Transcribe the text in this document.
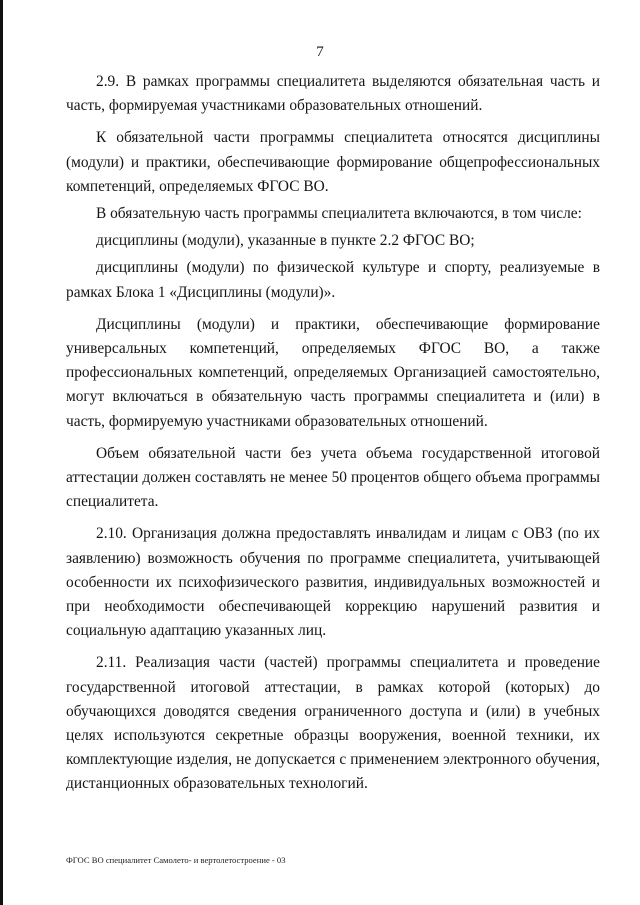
7

2.9. В рамках программы специалитета выделяются обязательная часть и часть, формируемая участниками образовательных отношений.

К обязательной части программы специалитета относятся дисциплины (модули) и практики, обеспечивающие формирование общепрофессиональных компетенций, определяемых ФГОС ВО.

В обязательную часть программы специалитета включаются, в том числе:

дисциплины (модули), указанные в пункте 2.2 ФГОС ВО;

дисциплины (модули) по физической культуре и спорту, реализуемые в рамках Блока 1 «Дисциплины (модули)».

Дисциплины (модули) и практики, обеспечивающие формирование универсальных компетенций, определяемых ФГОС ВО, а также профессиональных компетенций, определяемых Организацией самостоятельно, могут включаться в обязательную часть программы специалитета и (или) в часть, формируемую участниками образовательных отношений.

Объем обязательной части без учета объема государственной итоговой аттестации должен составлять не менее 50 процентов общего объема программы специалитета.

2.10. Организация должна предоставлять инвалидам и лицам с ОВЗ (по их заявлению) возможность обучения по программе специалитета, учитывающей особенности их психофизического развития, индивидуальных возможностей и при необходимости обеспечивающей коррекцию нарушений развития и социальную адаптацию указанных лиц.

2.11. Реализация части (частей) программы специалитета и проведение государственной итоговой аттестации, в рамках которой (которых) до обучающихся доводятся сведения ограниченного доступа и (или) в учебных целях используются секретные образцы вооружения, военной техники, их комплектующие изделия, не допускается с применением электронного обучения, дистанционных образовательных технологий.

ФГОС ВО специалитет Самолето- и вертолетостроение - 03
